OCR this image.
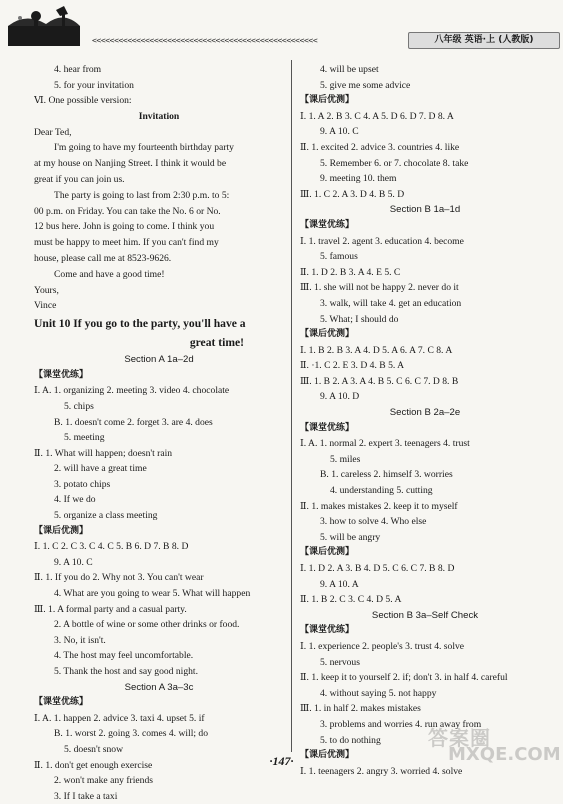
<<<<<<<<<<<<<<<<<<<<<<<<<<<<<<<<<<<<<<<<<<<<<<<<<<<	八年级 英语·上 (人教版)
4. hear from
5. for your invitation
Ⅵ. One possible version:
Invitation
Dear Ted,
I'm going to have my fourteenth birthday party
at my house on Nanjing Street. I think it would be
great if you can join us.
The party is going to last from 2:30 p.m. to 5:
00 p.m. on Friday. You can take the No. 6 or No.
12 bus here. John is going to come. I think you
must be happy to meet him. If you can't find my
house, please call me at 8523-9626.
Come and have a good time!
Yours,
Vince
Unit 10 If you go to the party, you'll have a
great time!
Section A 1a–2d
【课堂优练】
Ⅰ. A. 1. organizing 2. meeting 3. video 4. chocolate
5. chips
B. 1. doesn't come 2. forget 3. are 4. does
5. meeting
Ⅱ. 1. What will happen; doesn't rain
2. will have a great time
3. potato chips
4. If we do
5. organize a class meeting
【课后优测】
Ⅰ. 1. C 2. C 3. C 4. C 5. B 6. D 7. B 8. D
9. A 10. C
Ⅱ. 1. If you do 2. Why not 3. You can't wear
4. What are you going to wear 5. What will happen
Ⅲ. 1. A formal party and a casual party.
2. A bottle of wine or some other drinks or food.
3. No, it isn't.
4. The host may feel uncomfortable.
5. Thank the host and say good night.
Section A 3a–3c
【课堂优练】
Ⅰ. A. 1. happen 2. advice 3. taxi 4. upset 5. if
B. 1. worst 2. going 3. comes 4. will; do
5. doesn't snow
Ⅱ. 1. don't get enough exercise
2. won't make any friends
3. If I take a taxi
4. will be upset
5. give me some advice
【课后优测】
Ⅰ. 1. A 2. B 3. C 4. A 5. D 6. D 7. D 8. A
9. A 10. C
Ⅱ. 1. excited 2. advice 3. countries 4. like
5. Remember 6. or 7. chocolate 8. take
9. meeting 10. them
Ⅲ. 1. C 2. A 3. D 4. B 5. D
Section B 1a–1d
【课堂优练】
Ⅰ. 1. travel 2. agent 3. education 4. become
5. famous
Ⅱ. 1. D 2. B 3. A 4. E 5. C
Ⅲ. 1. she will not be happy 2. never do it
3. walk, will take 4. get an education
5. What; I should do
【课后优测】
Ⅰ. 1. B 2. B 3. A 4. D 5. A 6. A 7. C 8. A
Ⅱ. ·1. C 2. E 3. D 4. B 5. A
Ⅲ. 1. B 2. A 3. A 4. B 5. C 6. C 7. D 8. B
9. A 10. D
Section B 2a–2e
【课堂优练】
Ⅰ. A. 1. normal 2. expert 3. teenagers 4. trust
5. miles
B. 1. careless 2. himself 3. worries
4. understanding 5. cutting
Ⅱ. 1. makes mistakes 2. keep it to myself
3. how to solve 4. Who else
5. will be angry
【课后优测】
Ⅰ. 1. D 2. A 3. B 4. D 5. C 6. C 7. B 8. D
9. A 10. A
Ⅱ. 1. B 2. C 3. C 4. D 5. A
Section B 3a–Self Check
【课堂优练】
Ⅰ. 1. experience 2. people's 3. trust 4. solve
5. nervous
Ⅱ. 1. keep it to yourself 2. if; don't 3. in half 4. careful
4. without saying 5. not happy
Ⅲ. 1. in half 2. makes mistakes
3. problems and worries 4. run away from
5. to do nothing
【课后优测】
Ⅰ. 1. teenagers 2. angry 3. worried 4. solve
答案圈
MXQE.COM
·147·
